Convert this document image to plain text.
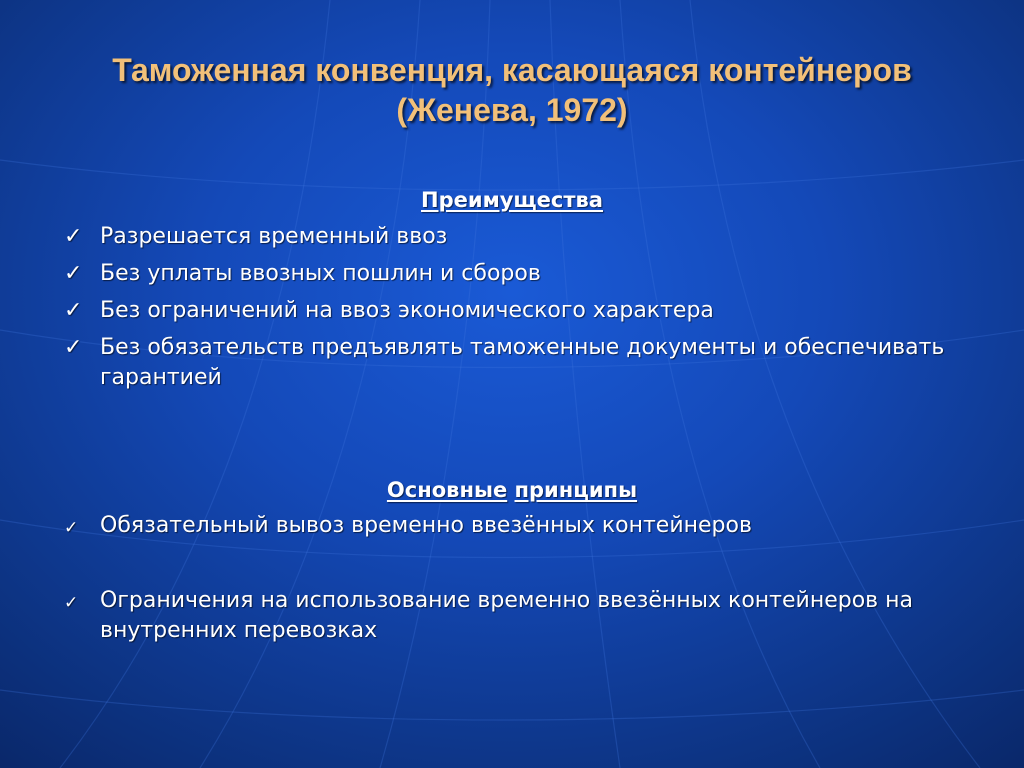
Таможенная конвенция, касающаяся контейнеров
(Женева, 1972)
Преимущества
✓ Разрешается временный ввоз
✓ Без уплаты ввозных пошлин и сборов
✓ Без ограничений на ввоз экономического характера
✓ Без обязательств предъявлять таможенные документы и обеспечивать гарантией
Основные принципы
✓ Обязательный вывоз временно ввезённых контейнеров
✓ Ограничения на использование временно ввезённых контейнеров на внутренних перевозках
